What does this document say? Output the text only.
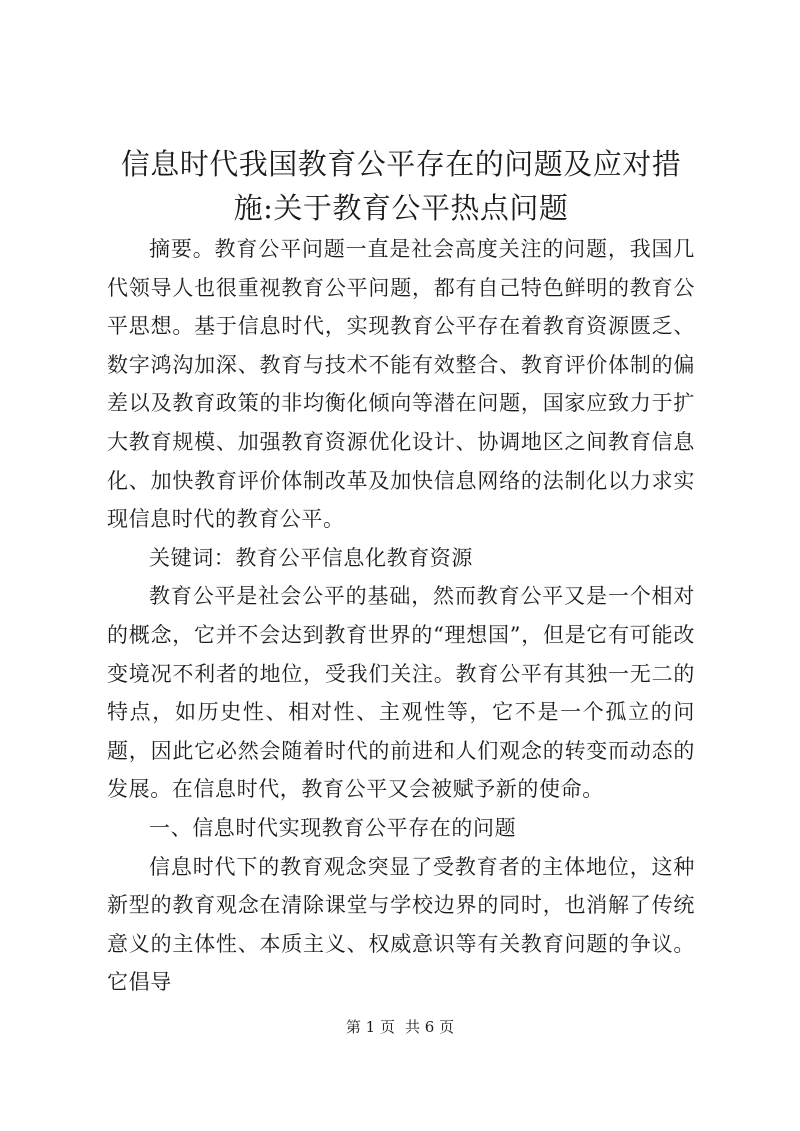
信息时代我国教育公平存在的问题及应对措
施:关于教育公平热点问题

摘要。教育公平问题一直是社会高度关注的问题，我国几代领导人也很重视教育公平问题，都有自己特色鲜明的教育公平思想。基于信息时代，实现教育公平存在着教育资源匮乏、数字鸿沟加深、教育与技术不能有效整合、教育评价体制的偏差以及教育政策的非均衡化倾向等潜在问题，国家应致力于扩大教育规模、加强教育资源优化设计、协调地区之间教育信息化、加快教育评价体制改革及加快信息网络的法制化以力求实现信息时代的教育公平。

关键词：教育公平信息化教育资源

教育公平是社会公平的基础，然而教育公平又是一个相对的概念，它并不会达到教育世界的“理想国”，但是它有可能改变境况不利者的地位，受我们关注。教育公平有其独一无二的特点，如历史性、相对性、主观性等，它不是一个孤立的问题，因此它必然会随着时代的前进和人们观念的转变而动态的发展。在信息时代，教育公平又会被赋予新的使命。

一、信息时代实现教育公平存在的问题

信息时代下的教育观念突显了受教育者的主体地位，这种新型的教育观念在清除课堂与学校边界的同时，也消解了传统意义的主体性、本质主义、权威意识等有关教育问题的争议。它倡导

第 1 页 共 6 页
